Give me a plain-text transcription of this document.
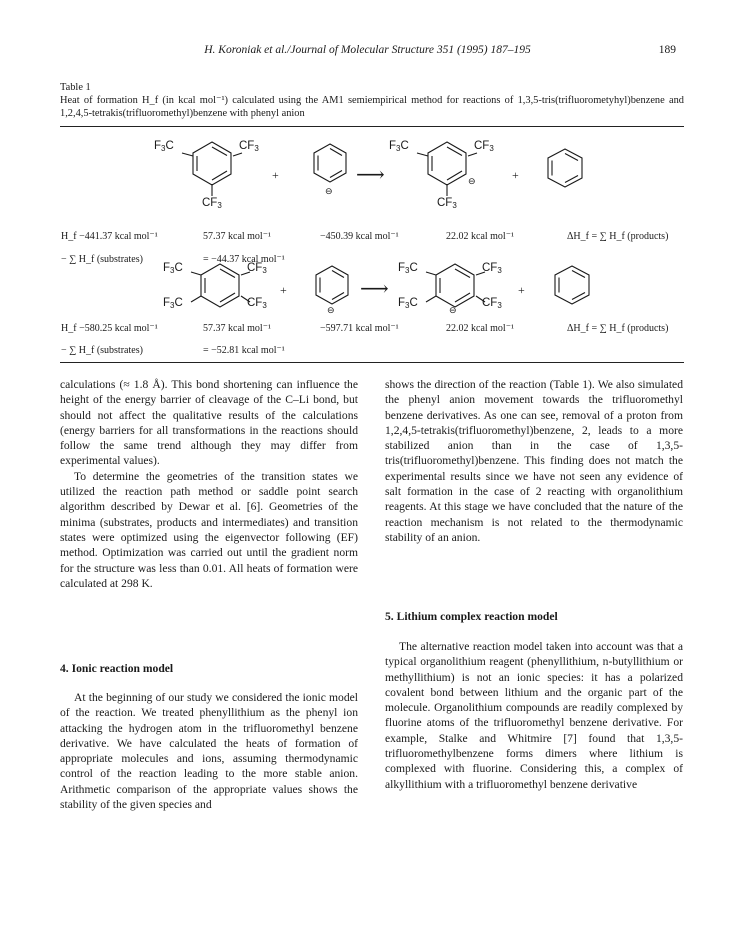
H. Koroniak et al./Journal of Molecular Structure 351 (1995) 187–195	189
Table 1
Heat of formation H_f (in kcal mol⁻¹) calculated using the AM1 semiempirical method for reactions of 1,3,5-tris(trifluorometyhyl)benzene and 1,2,4,5-tetrakis(trifluoromethyl)benzene with phenyl anion
$F_3C$	$CF_3$
$CF_3$
+
⊖
⟶
$F_3C$	$CF_3$
$CF_3$
⊖	+
H_f −441.37 kcal mol⁻¹	57.37 kcal mol⁻¹	−450.39 kcal mol⁻¹	22.02 kcal mol⁻¹	ΔH_f = ∑ H_f (products)
− ∑ H_f (substrates)	= −44.37 kcal mol⁻¹
$F_3C$	$CF_3$
$F_3C$	$CF_3$
+
⊖
⟶
$F_3C$	$CF_3$
$F_3C$	$CF_3$
⊖
+
H_f −580.25 kcal mol⁻¹	57.37 kcal mol⁻¹	−597.71 kcal mol⁻¹	22.02 kcal mol⁻¹	ΔH_f = ∑ H_f (products)
− ∑ H_f (substrates)	= −52.81 kcal mol⁻¹

calculations (≈ 1.8 Å). This bond shortening can influence the height of the energy barrier of cleavage of the C–Li bond, but should not affect the qualitative results of the calculations (energy barriers for all transformations in the reactions should follow the same trend although they may differ from experimental values).

To determine the geometries of the transition states we utilized the reaction path method or saddle point search algorithm described by Dewar et al. [6]. Geometries of the minima (substrates, products and intermediates) and transition states were optimized using the eigenvector following (EF) method. Optimization was carried out until the gradient norm for the structure was less than 0.01. All heats of formation were calculated at 298 K.

4. Ionic reaction model

At the beginning of our study we considered the ionic model of the reaction. We treated phenyllithium as the phenyl ion attacking the hydrogen atom in the trifluoromethyl benzene derivative. We have calculated the heats of formation of appropriate molecules and ions, assuming thermodynamic control of the reaction leading to the more stable anion. Arithmetic comparison of the appropriate values shows the stability of the given species and

shows the direction of the reaction (Table 1). We also simulated the phenyl anion movement towards the trifluoromethyl benzene derivatives. As one can see, removal of a proton from 1,2,4,5-tetrakis(trifluoromethyl)benzene, 2, leads to a more stabilized anion than in the case of 1,3,5-tris(trifluoromethyl)benzene. This finding does not match the experimental results since we have not seen any evidence of salt formation in the case of 2 reacting with organolithium reagents. At this stage we have concluded that the nature of the reaction mechanism is not related to the thermodynamic stability of an anion.

5. Lithium complex reaction model

The alternative reaction model taken into account was that a typical organolithium reagent (phenyllithium, n-butyllithium or methyllithium) is not an ionic species: it has a polarized covalent bond between lithium and the organic part of the molecule. Organolithium compounds are readily complexed by fluorine atoms of the trifluoromethyl benzene derivative. For example, Stalke and Whitmire [7] found that 1,3,5-trifluoromethylbenzene forms dimers where lithium is complexed with fluorine. Considering this, a complex of alkyllithium with a trifluoromethyl benzene derivative
